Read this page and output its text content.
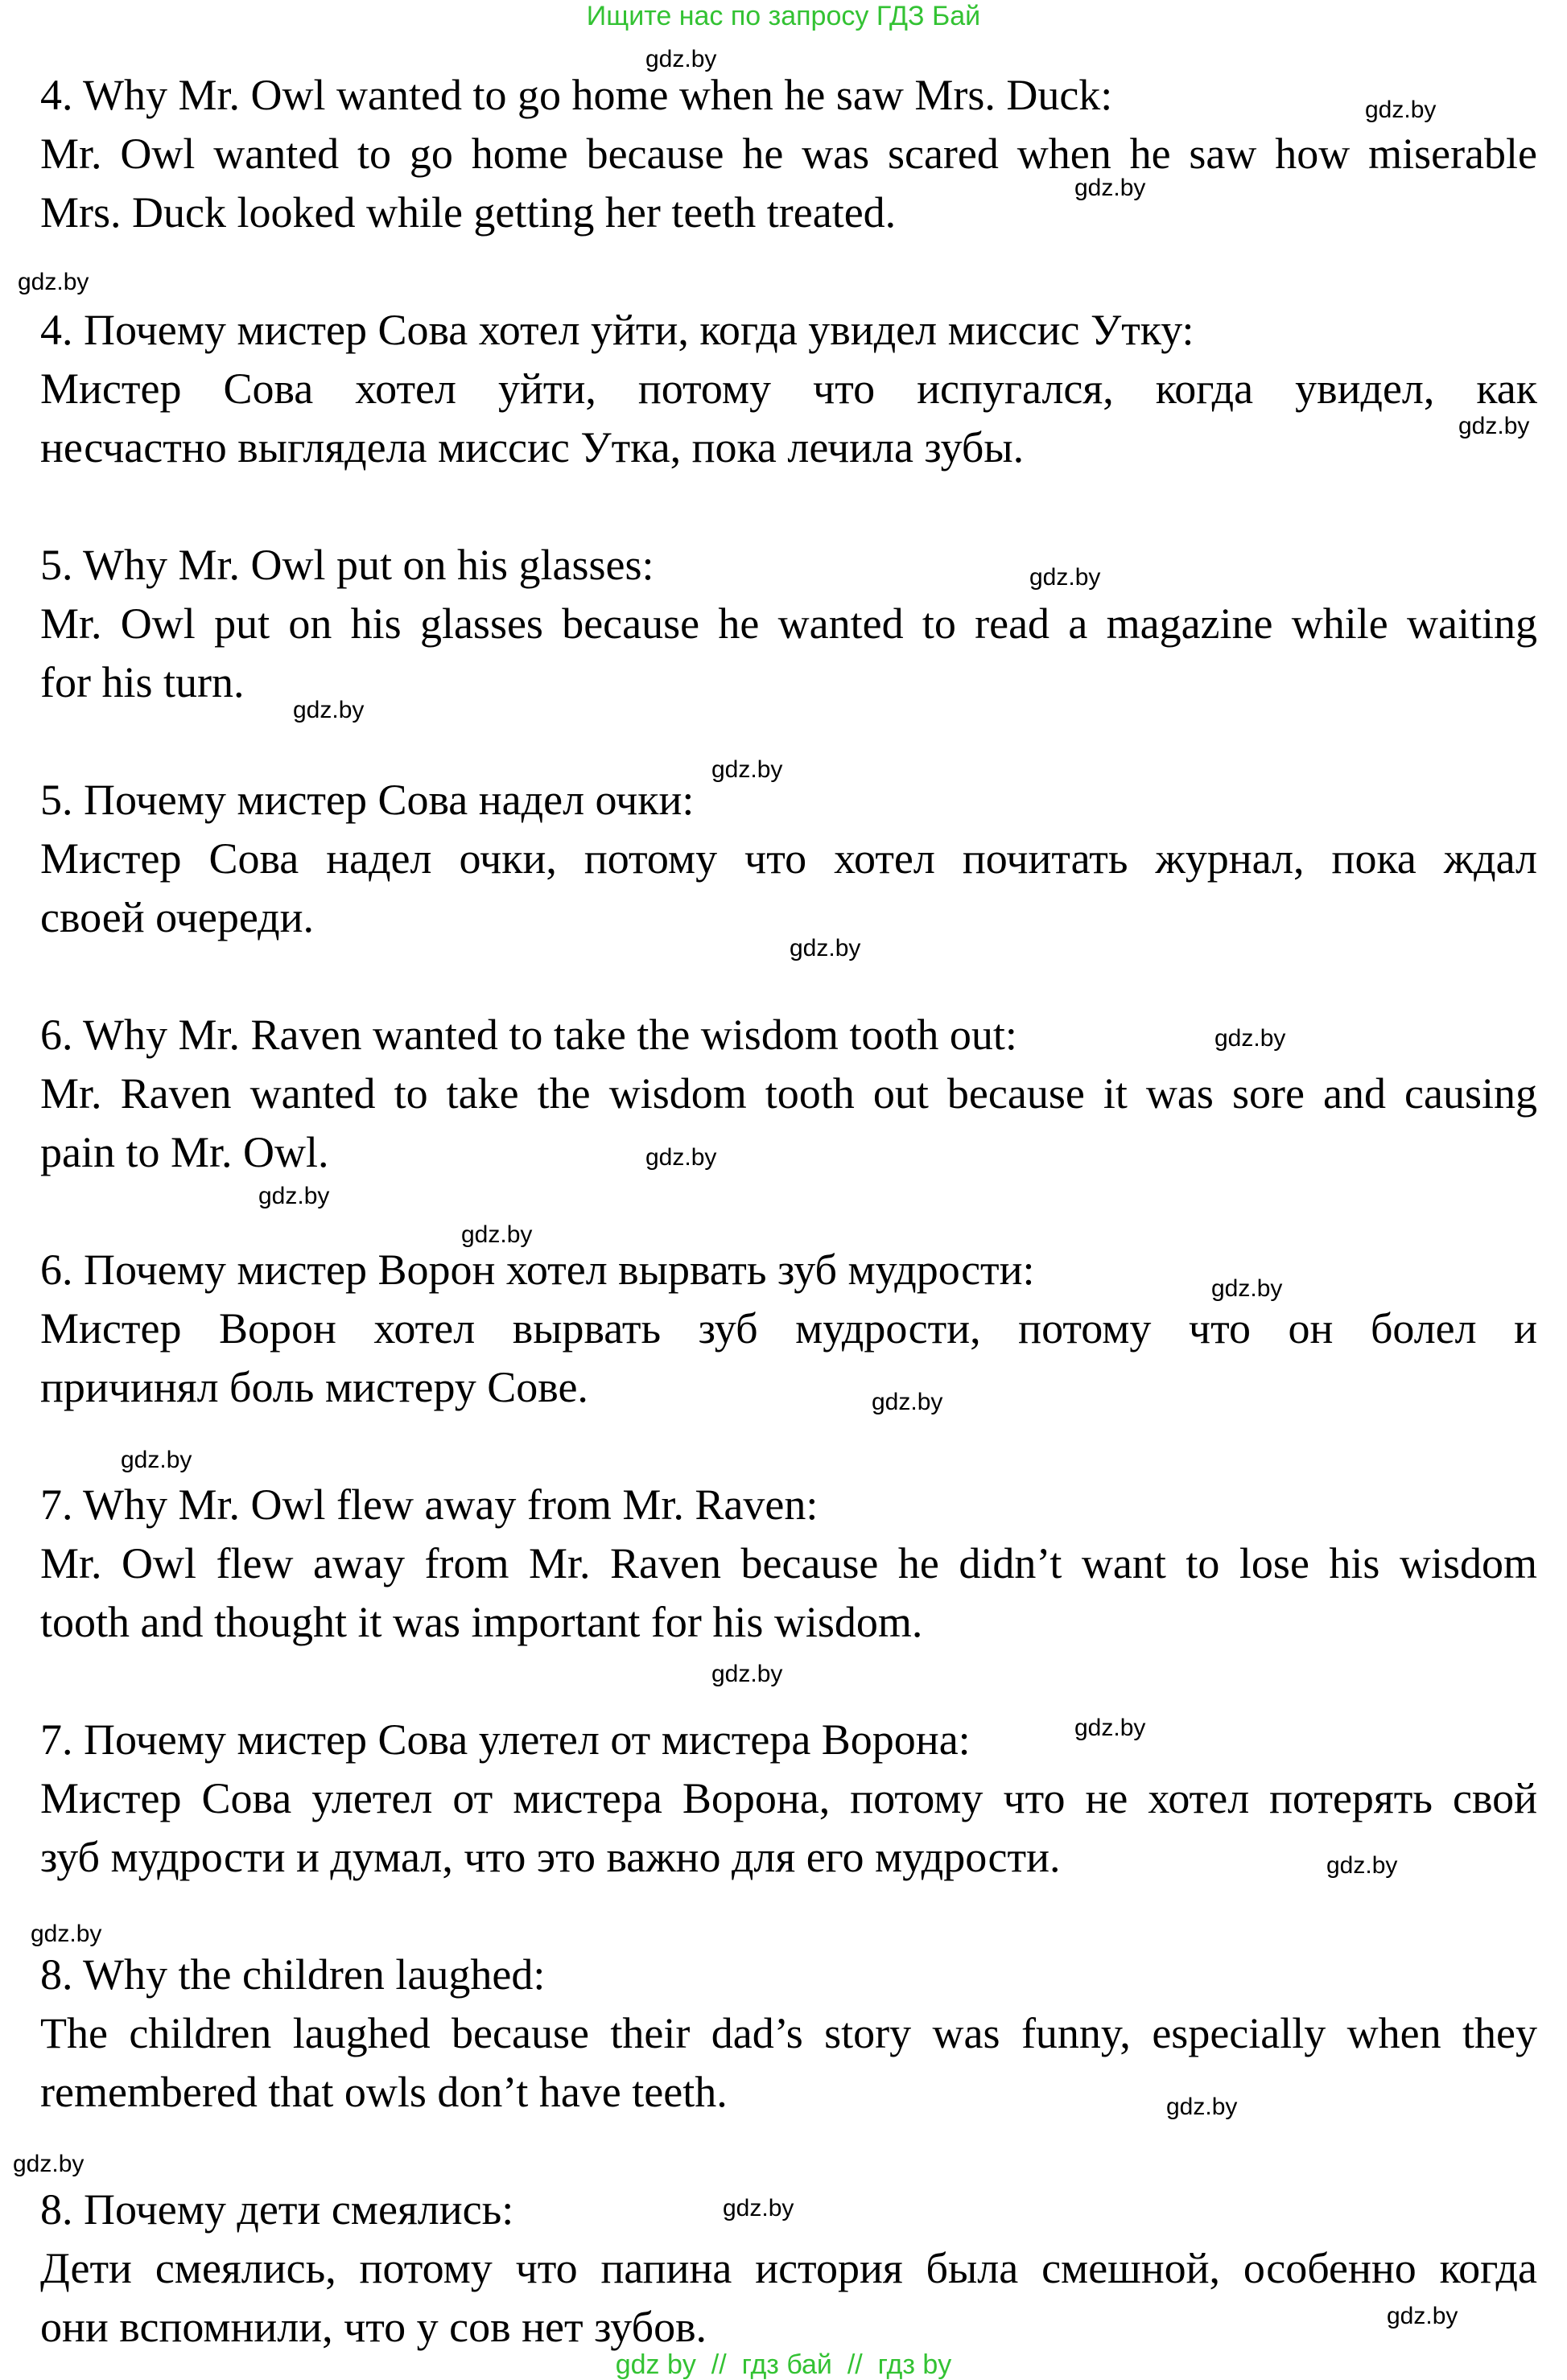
Ищите нас по запросу ГДЗ Бай
4. Why Mr. Owl wanted to go home when he saw Mrs. Duck:
Mr. Owl wanted to go home because he was scared when he saw how miserable
Mrs. Duck looked while getting her teeth treated.
4. Почему мистер Сова хотел уйти, когда увидел миссис Утку:
Мистер Сова хотел уйти, потому что испугался, когда увидел, как
несчастно выглядела миссис Утка, пока лечила зубы.
5. Why Mr. Owl put on his glasses:
Mr. Owl put on his glasses because he wanted to read a magazine while waiting
for his turn.
5. Почему мистер Сова надел очки:
Мистер Сова надел очки, потому что хотел почитать журнал, пока ждал
своей очереди.
6. Why Mr. Raven wanted to take the wisdom tooth out:
Mr. Raven wanted to take the wisdom tooth out because it was sore and causing
pain to Mr. Owl.
6. Почему мистер Ворон хотел вырвать зуб мудрости:
Мистер Ворон хотел вырвать зуб мудрости, потому что он болел и
причинял боль мистеру Сове.
7. Why Mr. Owl flew away from Mr. Raven:
Mr. Owl flew away from Mr. Raven because he didn’t want to lose his wisdom
tooth and thought it was important for his wisdom.
7. Почему мистер Сова улетел от мистера Ворона:
Мистер Сова улетел от мистера Ворона, потому что не хотел потерять свой
зуб мудрости и думал, что это важно для его мудрости.
8. Why the children laughed:
The children laughed because their dad’s story was funny, especially when they
remembered that owls don’t have teeth.
8. Почему дети смеялись:
Дети смеялись, потому что папина история была смешной, особенно когда
они вспомнили, что у сов нет зубов.
gdz.by
gdz.by
gdz.by
gdz.by
gdz.by
gdz.by
gdz.by
gdz.by
gdz.by
gdz.by
gdz.by
gdz.by
gdz.by
gdz.by
gdz.by
gdz.by
gdz.by
gdz.by
gdz.by
gdz.by
gdz.by
gdz.by
gdz.by
gdz.by
gdz by  //  гдз бай  //  гдз by
